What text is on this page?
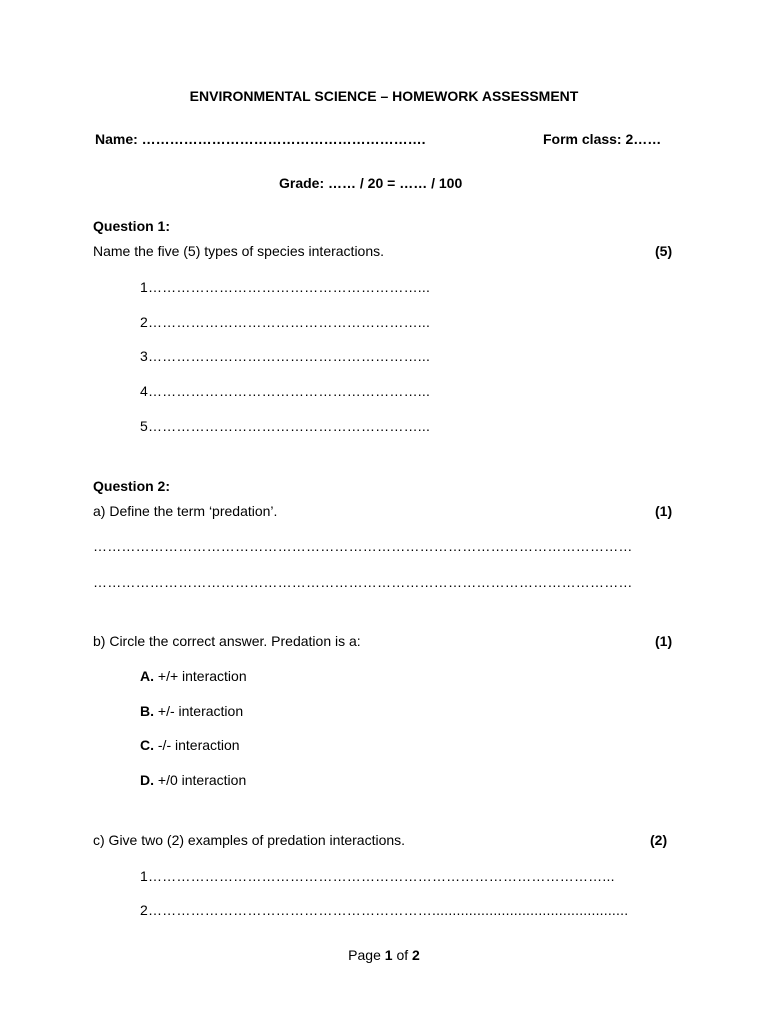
ENVIRONMENTAL SCIENCE – HOMEWORK ASSESSMENT
Name: …………………………………………………….	Form class: 2……
Grade: …… / 20 = …… / 100
Question 1:
Name the five (5) types of species interactions.	(5)
1…………………………………………………...
2…………………………………………………...
3…………………………………………………...
4…………………………………………………...
5…………………………………………………...
Question 2:
a) Define the term ‘predation’.	(1)
……………………………………………………………………………………………………
……………………………………………………………………………………………………
b) Circle the correct answer. Predation is a:	(1)
A. +/+ interaction
B. +/- interaction
C. -/- interaction
D. +/0 interaction
c) Give two (2) examples of predation interactions.	(2)
1……………………………………………………………………………………...
2……………………………………………………................................................
Page 1 of 2
